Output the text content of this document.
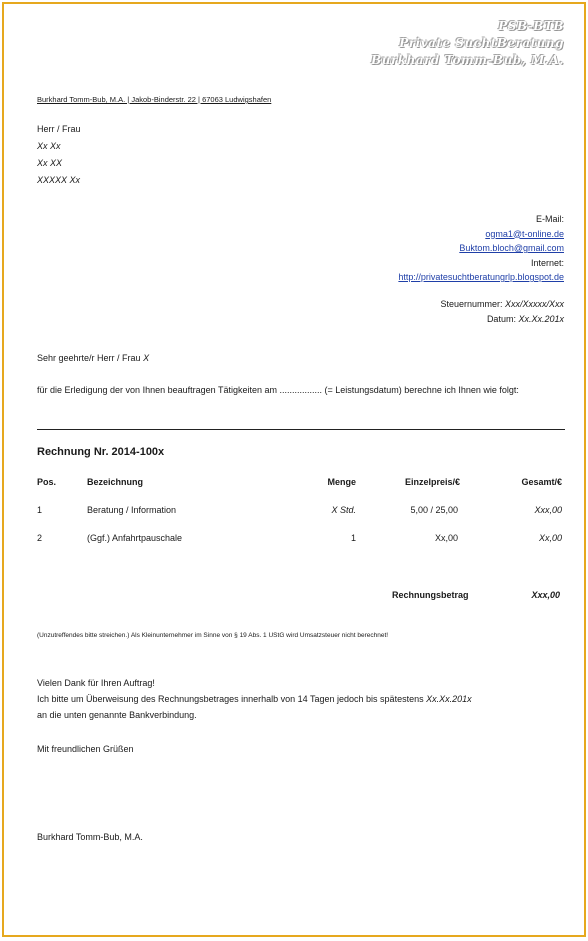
PSB-BTB
Private SuchtBeratung
Burkhard Tomm-Bub, M.A.
Burkhard Tomm-Bub, M.A. | Jakob-Binderstr. 22 | 67063 Ludwigshafen
Herr / Frau
Xx Xx
Xx XX
XXXXX Xx
E-Mail:
ogma1@t-online.de
Buktom.bloch@gmail.com
Internet:
http://privatesuchtberatungrlp.blogspot.de
Steuernummer: Xxx/Xxxxx/Xxx
Datum: Xx.Xx.201x
Sehr geehrte/r Herr / Frau X
für die Erledigung der von Ihnen beauftragen Tätigkeiten am ................. (= Leistungsdatum) berechne ich Ihnen wie folgt:
Rechnung Nr. 2014-100x
Pos.	Bezeichnung	Menge	Einzelpreis/€	Gesamt/€
1	Beratung / Information	X Std.	5,00 / 25,00	Xxx,00
2	(Ggf.) Anfahrtpauschale	1	Xx,00	Xx,00
Rechnungsbetrag	Xxx,00
(Unzutreffendes bitte streichen.) Als Kleinunternehmer im Sinne von § 19 Abs. 1 UStG wird Umsatzsteuer nicht berechnet!
Vielen Dank für Ihren Auftrag!
Ich bitte um Überweisung des Rechnungsbetrages innerhalb von 14 Tagen jedoch bis spätestens Xx.Xx.201x
an die unten genannte Bankverbindung.
Mit freundlichen Grüßen
Burkhard Tomm-Bub, M.A.
